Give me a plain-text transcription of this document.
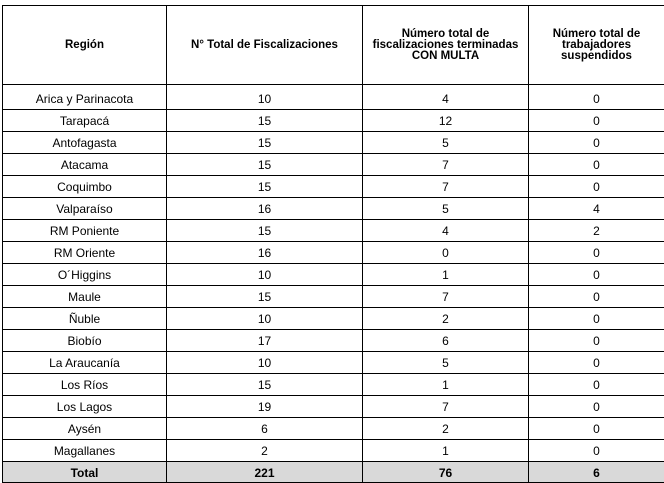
Región	N° Total de Fiscalizaciones	Número total de fiscalizaciones terminadas CON MULTA	Número total de trabajadores suspendidos
Arica y Parinacota	10	4	0
Tarapacá	15	12	0
Antofagasta	15	5	0
Atacama	15	7	0
Coquimbo	15	7	0
Valparaíso	16	5	4
RM Poniente	15	4	2
RM Oriente	16	0	0
O´Higgins	10	1	0
Maule	15	7	0
Ñuble	10	2	0
Biobío	17	6	0
La Araucanía	10	5	0
Los Ríos	15	1	0
Los Lagos	19	7	0
Aysén	6	2	0
Magallanes	2	1	0
Total	221	76	6
